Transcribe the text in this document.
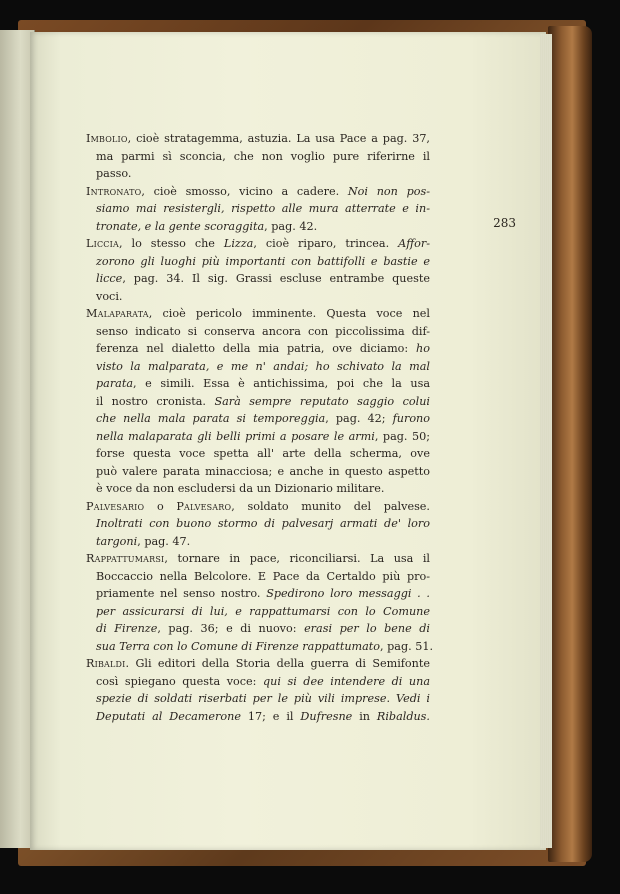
283
Imbolio, cioè stratagemma, astuzia. La usa Pace a pag. 37,
ma parmi sì sconcia, che non voglio pure riferirne il
passo.
Intronato, cioè smosso, vicino a cadere. Noi non pos-
siamo mai resistergli, rispetto alle mura atterrate e in-
tronate, e la gente scoraggita, pag. 42.
Liccia, lo stesso che Lizza, cioè riparo, trincea. Affor-
zorono gli luoghi più importanti con battifolli e bastie e
licce, pag. 34. Il sig. Grassi escluse entrambe queste
voci.
Malaparata, cioè pericolo imminente. Questa voce nel
senso indicato si conserva ancora con piccolissima dif-
ferenza nel dialetto della mia patria, ove diciamo: ho
visto la malparata, e me n' andai; ho schivato la mal
parata, e simili. Essa è antichissima, poi che la usa
il nostro cronista. Sarà sempre reputato saggio colui
che nella mala parata si temporeggia, pag. 42; furono
nella malaparata gli belli primi a posare le armi, pag. 50;
forse questa voce spetta all' arte della scherma, ove
può valere parata minacciosa; e anche in questo aspetto
è voce da non escludersi da un Dizionario militare.
Palvesario o Palvesaro, soldato munito del palvese.
Inoltrati con buono stormo di palvesarj armati de' loro
targoni, pag. 47.
Rappattumarsi, tornare in pace, riconciliarsi. La usa il
Boccaccio nella Belcolore. E Pace da Certaldo più pro-
priamente nel senso nostro. Spedirono loro messaggi . .
per assicurarsi di lui, e rappattumarsi con lo Comune
di Firenze, pag. 36; e di nuovo: erasi per lo bene di
sua Terra con lo Comune di Firenze rappattumato, pag. 51.
Ribaldi. Gli editori della Storia della guerra di Semifonte
così spiegano questa voce: qui si dee intendere di una
spezie di soldati riserbati per le più vili imprese. Vedi i
Deputati al Decamerone 17; e il Dufresne in Ribaldus.
